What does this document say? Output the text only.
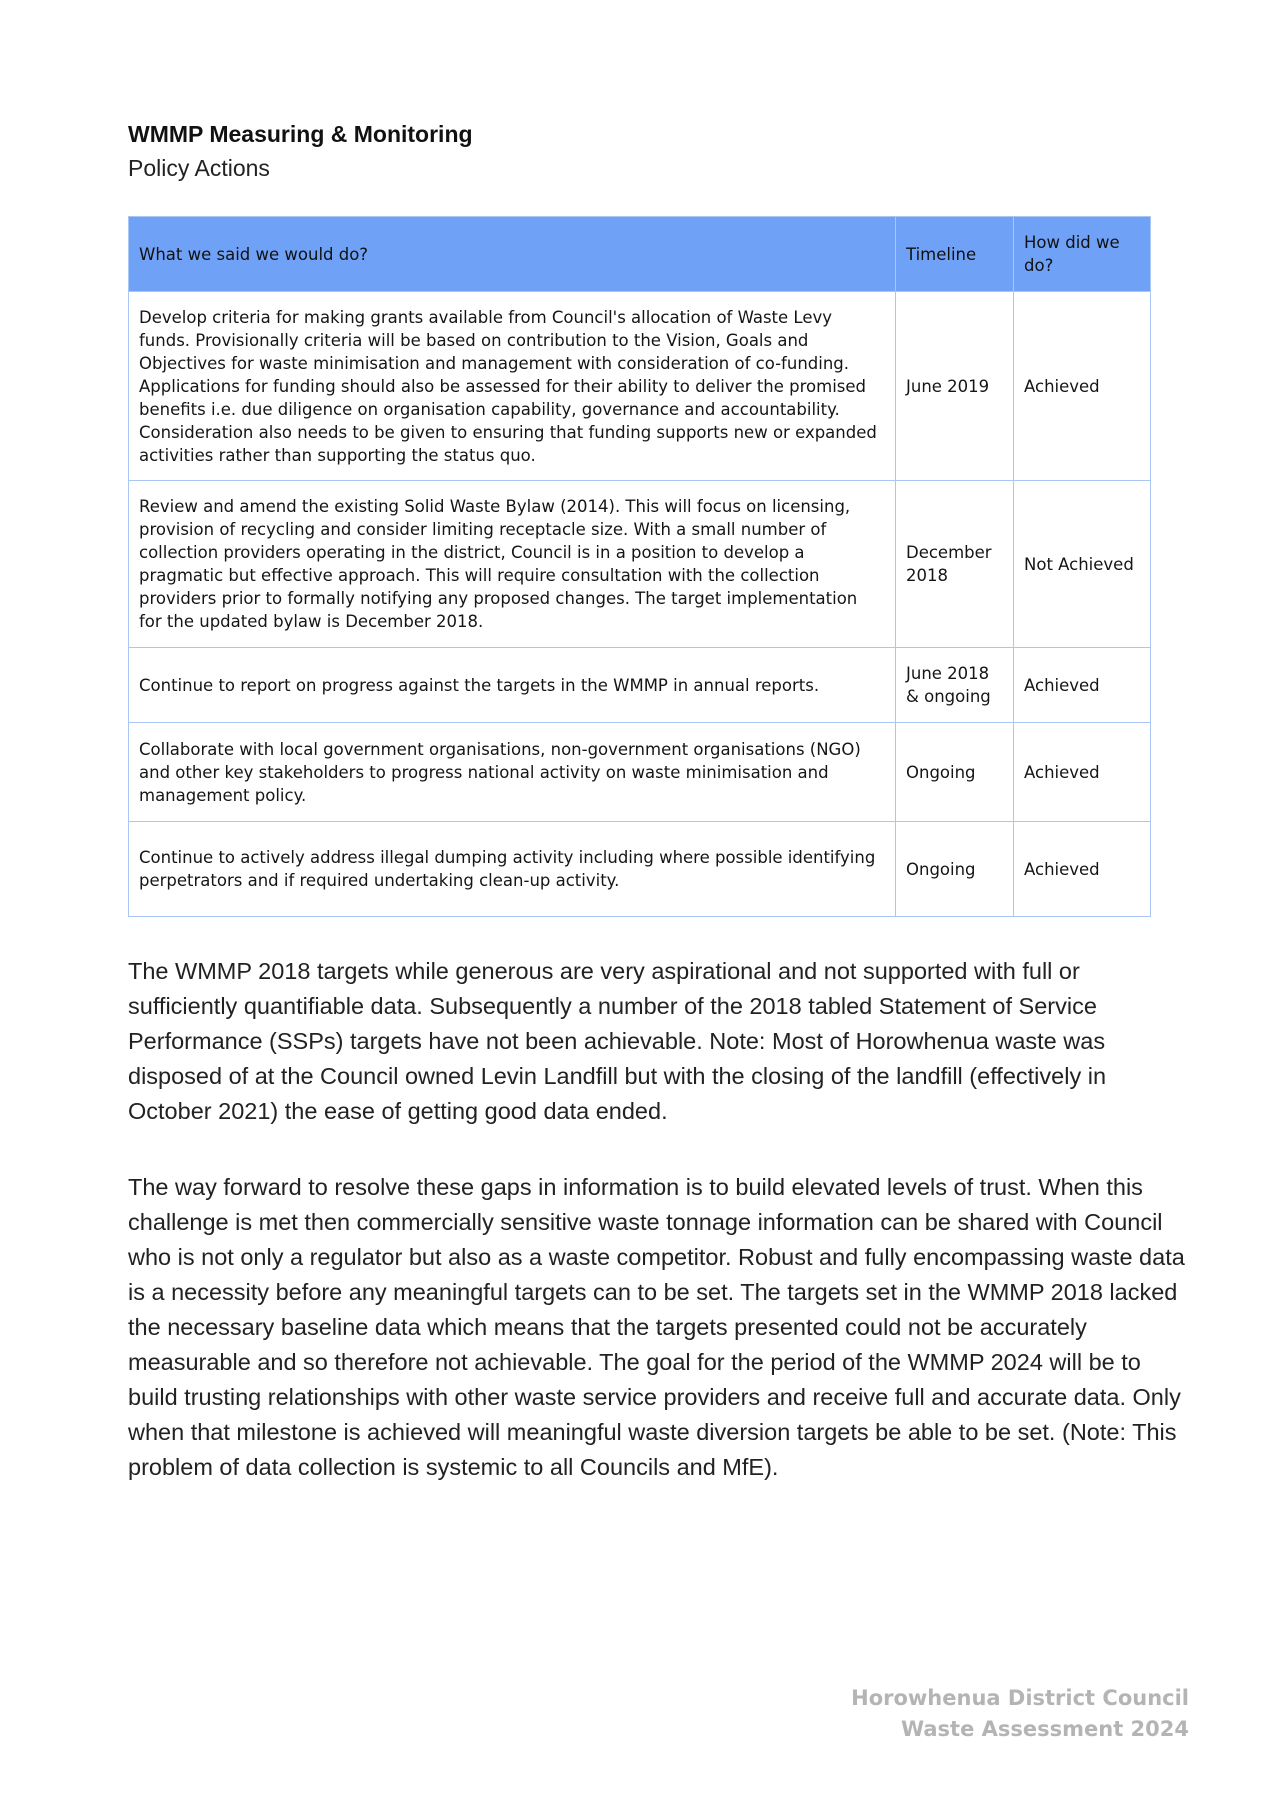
WMMP Measuring & Monitoring
Policy Actions
What we said we would do?	Timeline	How did we do?
Develop criteria for making grants available from Council's allocation of Waste Levy funds. Provisionally criteria will be based on contribution to the Vision, Goals and Objectives for waste minimisation and management with consideration of co-funding. Applications for funding should also be assessed for their ability to deliver the promised benefits i.e. due diligence on organisation capability, governance and accountability. Consideration also needs to be given to ensuring that funding supports new or expanded activities rather than supporting the status quo.	June 2019	Achieved
Review and amend the existing Solid Waste Bylaw (2014). This will focus on licensing, provision of recycling and consider limiting receptacle size. With a small number of collection providers operating in the district, Council is in a position to develop a pragmatic but effective approach. This will require consultation with the collection providers prior to formally notifying any proposed changes. The target implementation for the updated bylaw is December 2018.	December 2018	Not Achieved
Continue to report on progress against the targets in the WMMP in annual reports.	June 2018 & ongoing	Achieved
Collaborate with local government organisations, non-government organisations (NGO) and other key stakeholders to progress national activity on waste minimisation and management policy.	Ongoing	Achieved
Continue to actively address illegal dumping activity including where possible identifying perpetrators and if required undertaking clean-up activity.	Ongoing	Achieved

The WMMP 2018 targets while generous are very aspirational and not supported with full or sufficiently quantifiable data. Subsequently a number of the 2018 tabled Statement of Service Performance (SSPs) targets have not been achievable. Note: Most of Horowhenua waste was disposed of at the Council owned Levin Landfill but with the closing of the landfill (effectively in October 2021) the ease of getting good data ended.

The way forward to resolve these gaps in information is to build elevated levels of trust. When this challenge is met then commercially sensitive waste tonnage information can be shared with Council who is not only a regulator but also as a waste competitor. Robust and fully encompassing waste data is a necessity before any meaningful targets can to be set. The targets set in the WMMP 2018 lacked the necessary baseline data which means that the targets presented could not be accurately measurable and so therefore not achievable. The goal for the period of the WMMP 2024 will be to build trusting relationships with other waste service providers and receive full and accurate data. Only when that milestone is achieved will meaningful waste diversion targets be able to be set. (Note: This problem of data collection is systemic to all Councils and MfE).

Horowhenua District Council
Waste Assessment 2024
